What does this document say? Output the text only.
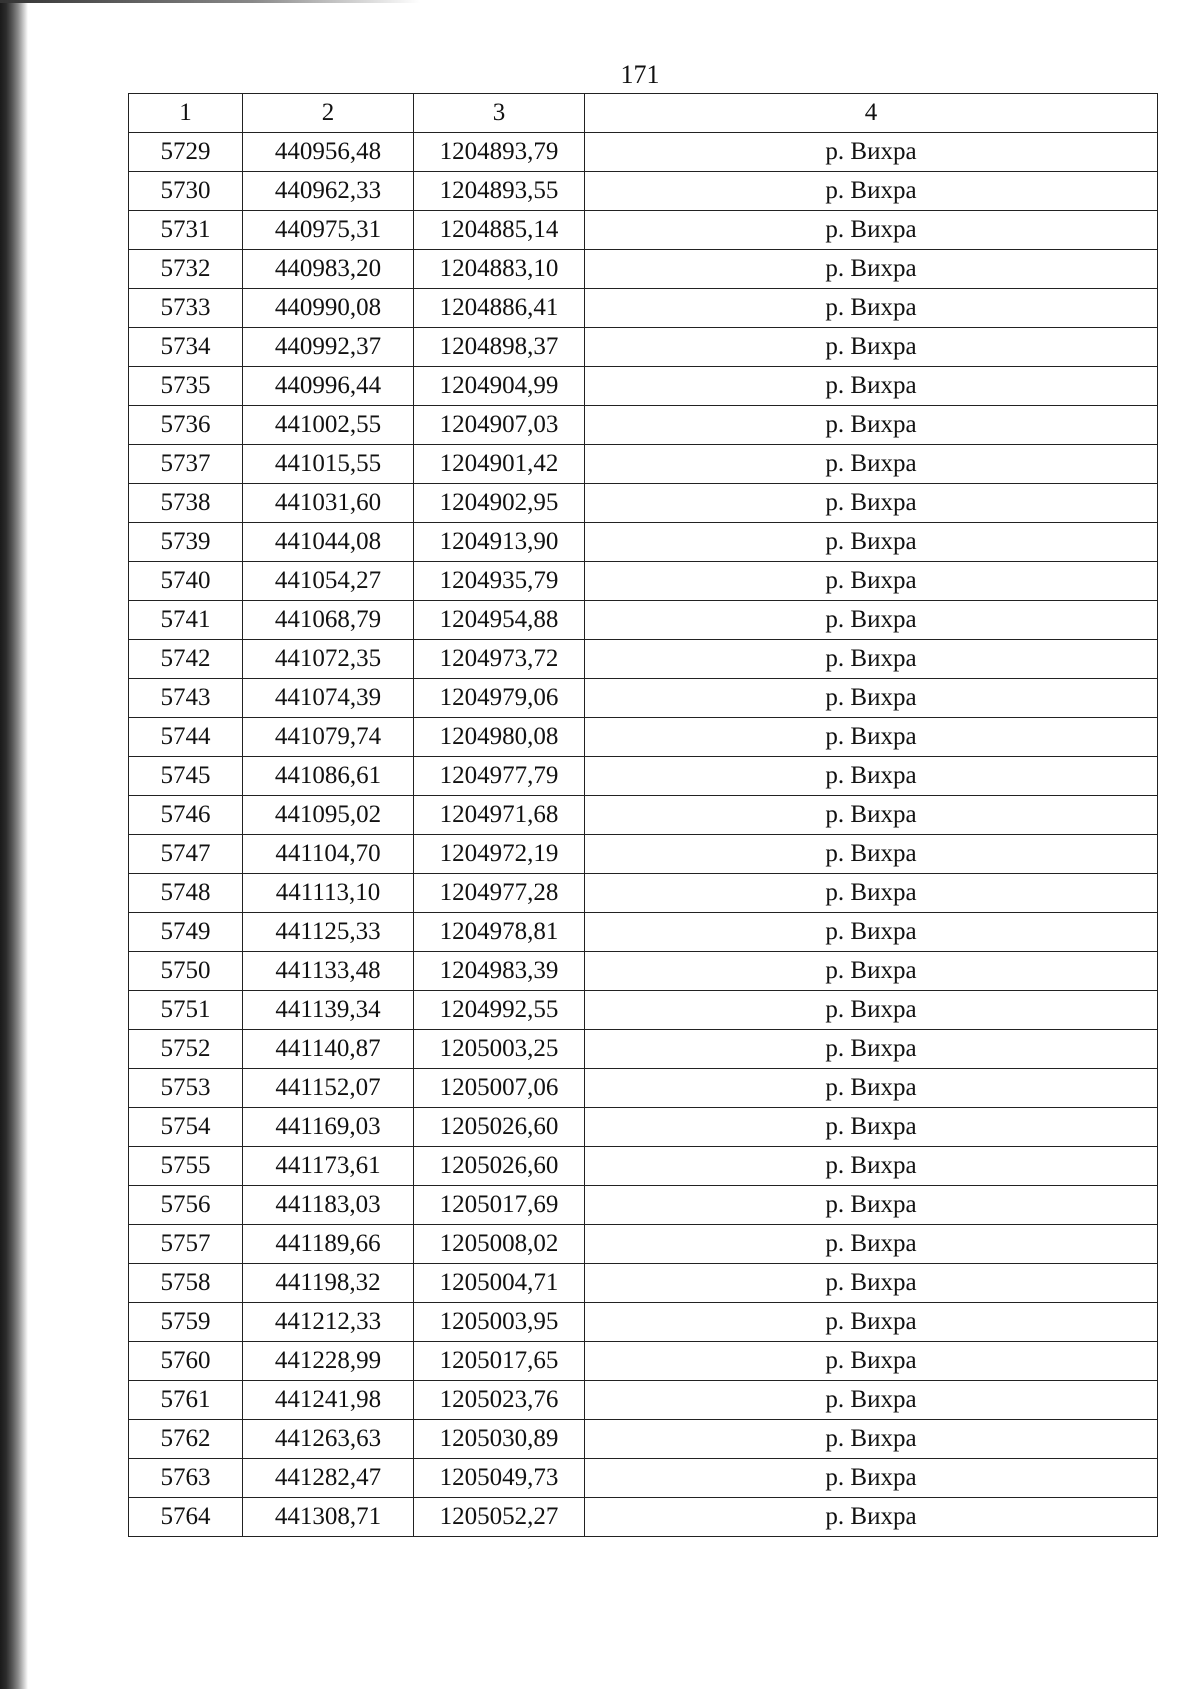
171
1	2	3	4
5729	440956,48	1204893,79	р. Вихра
5730	440962,33	1204893,55	р. Вихра
5731	440975,31	1204885,14	р. Вихра
5732	440983,20	1204883,10	р. Вихра
5733	440990,08	1204886,41	р. Вихра
5734	440992,37	1204898,37	р. Вихра
5735	440996,44	1204904,99	р. Вихра
5736	441002,55	1204907,03	р. Вихра
5737	441015,55	1204901,42	р. Вихра
5738	441031,60	1204902,95	р. Вихра
5739	441044,08	1204913,90	р. Вихра
5740	441054,27	1204935,79	р. Вихра
5741	441068,79	1204954,88	р. Вихра
5742	441072,35	1204973,72	р. Вихра
5743	441074,39	1204979,06	р. Вихра
5744	441079,74	1204980,08	р. Вихра
5745	441086,61	1204977,79	р. Вихра
5746	441095,02	1204971,68	р. Вихра
5747	441104,70	1204972,19	р. Вихра
5748	441113,10	1204977,28	р. Вихра
5749	441125,33	1204978,81	р. Вихра
5750	441133,48	1204983,39	р. Вихра
5751	441139,34	1204992,55	р. Вихра
5752	441140,87	1205003,25	р. Вихра
5753	441152,07	1205007,06	р. Вихра
5754	441169,03	1205026,60	р. Вихра
5755	441173,61	1205026,60	р. Вихра
5756	441183,03	1205017,69	р. Вихра
5757	441189,66	1205008,02	р. Вихра
5758	441198,32	1205004,71	р. Вихра
5759	441212,33	1205003,95	р. Вихра
5760	441228,99	1205017,65	р. Вихра
5761	441241,98	1205023,76	р. Вихра
5762	441263,63	1205030,89	р. Вихра
5763	441282,47	1205049,73	р. Вихра
5764	441308,71	1205052,27	р. Вихра
